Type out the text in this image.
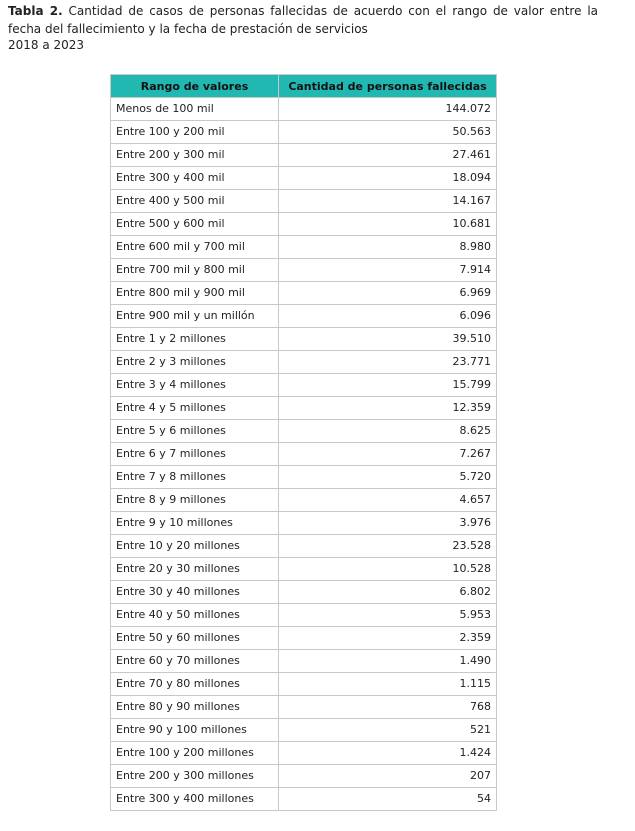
Tabla 2. Cantidad de casos de personas fallecidas de acuerdo con el rango de valor entre la fecha del fallecimiento y la fecha de prestación de servicios
2018 a 2023
Rango de valores	Cantidad de personas fallecidas
Menos de 100 mil	144.072
Entre 100 y 200 mil	50.563
Entre 200 y 300 mil	27.461
Entre 300 y 400 mil	18.094
Entre 400 y 500 mil	14.167
Entre 500 y 600 mil	10.681
Entre 600 mil y 700 mil	8.980
Entre 700 mil y 800 mil	7.914
Entre 800 mil y 900 mil	6.969
Entre 900 mil y un millón	6.096
Entre 1 y 2 millones	39.510
Entre 2 y 3 millones	23.771
Entre 3 y 4 millones	15.799
Entre 4 y 5 millones	12.359
Entre 5 y 6 millones	8.625
Entre 6 y 7 millones	7.267
Entre 7 y 8 millones	5.720
Entre 8 y 9 millones	4.657
Entre 9 y 10 millones	3.976
Entre 10 y 20 millones	23.528
Entre 20 y 30 millones	10.528
Entre 30 y 40 millones	6.802
Entre 40 y 50 millones	5.953
Entre 50 y 60 millones	2.359
Entre 60 y 70 millones	1.490
Entre 70 y 80 millones	1.115
Entre 80 y 90 millones	768
Entre 90 y 100 millones	521
Entre 100 y 200 millones	1.424
Entre 200 y 300 millones	207
Entre 300 y 400 millones	54
